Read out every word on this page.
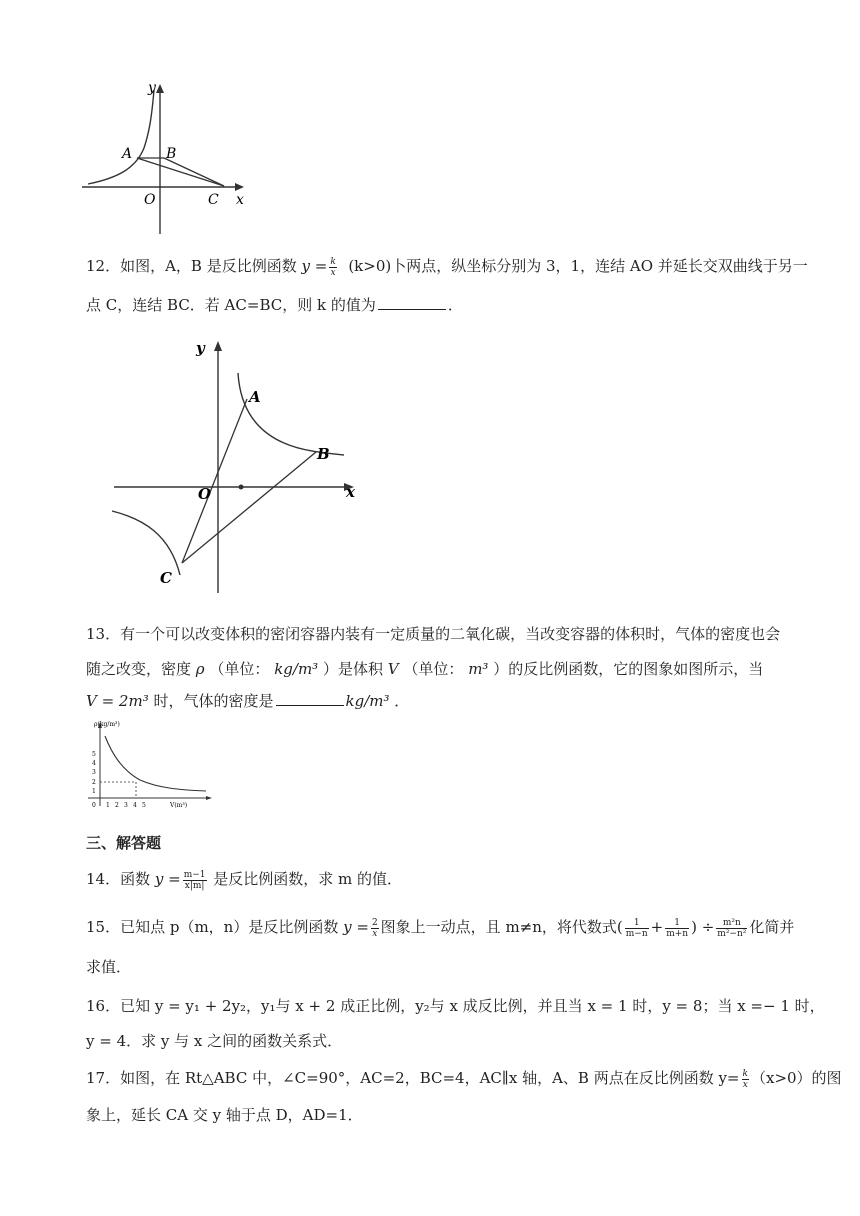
y
x
A B
O	C
12．如图，A，B 是反比例函数 $y = \frac{k}{x} (k>0)$卜两点，纵坐标分别为 3，1，连结 AO 并延长交双曲线于另一
点 C，连结 BC．若 AC=BC，则 k 的值为	．
y
x
A
B
O
C
13．有一个可以改变体积的密闭容器内装有一定质量的二氧化碳，当改变容器的体积时，气体的密度也会
随之改变，密度 ρ （单位： kg/m³ ）是体积 V （单位： m³ ）的反比例函数，它的图象如图所示，当
V = 2m³ 时，气体的密度是	kg/m³ ．
ρ(kg/m³)
V(m³)
0
5
4
3
2
1
1 2 3 4 5
三、解答题
14．函数 $y = \frac{m-1}{x|m|}$ 是反比例函数，求 m 的值．
15．已知点 p（m，n）是反比例函数 $y = \frac{2}{x}$ 图象上一动点，且 m≠n，将代数式( $\frac{1}{m-n} + \frac{1}{m+n}$ ) ÷ $\frac{\text{m²n}}{\text{m²−n²}}$ 化简并
求值．
16．已知 y = y₁ + 2y₂，y₁与 x + 2 成正比例，y₂与 x 成反比例，并且当 x = 1 时，y = 8；当 x =− 1 时，
y = 4．求 y 与 x 之间的函数关系式．
17．如图，在 Rt△ABC 中，∠C=90°，AC=2，BC=4，AC∥x 轴，A、B 两点在反比例函数 $y= \frac{k}{x} (x>0)$的图
象上，延长 CA 交 y 轴于点 D，AD=1．
